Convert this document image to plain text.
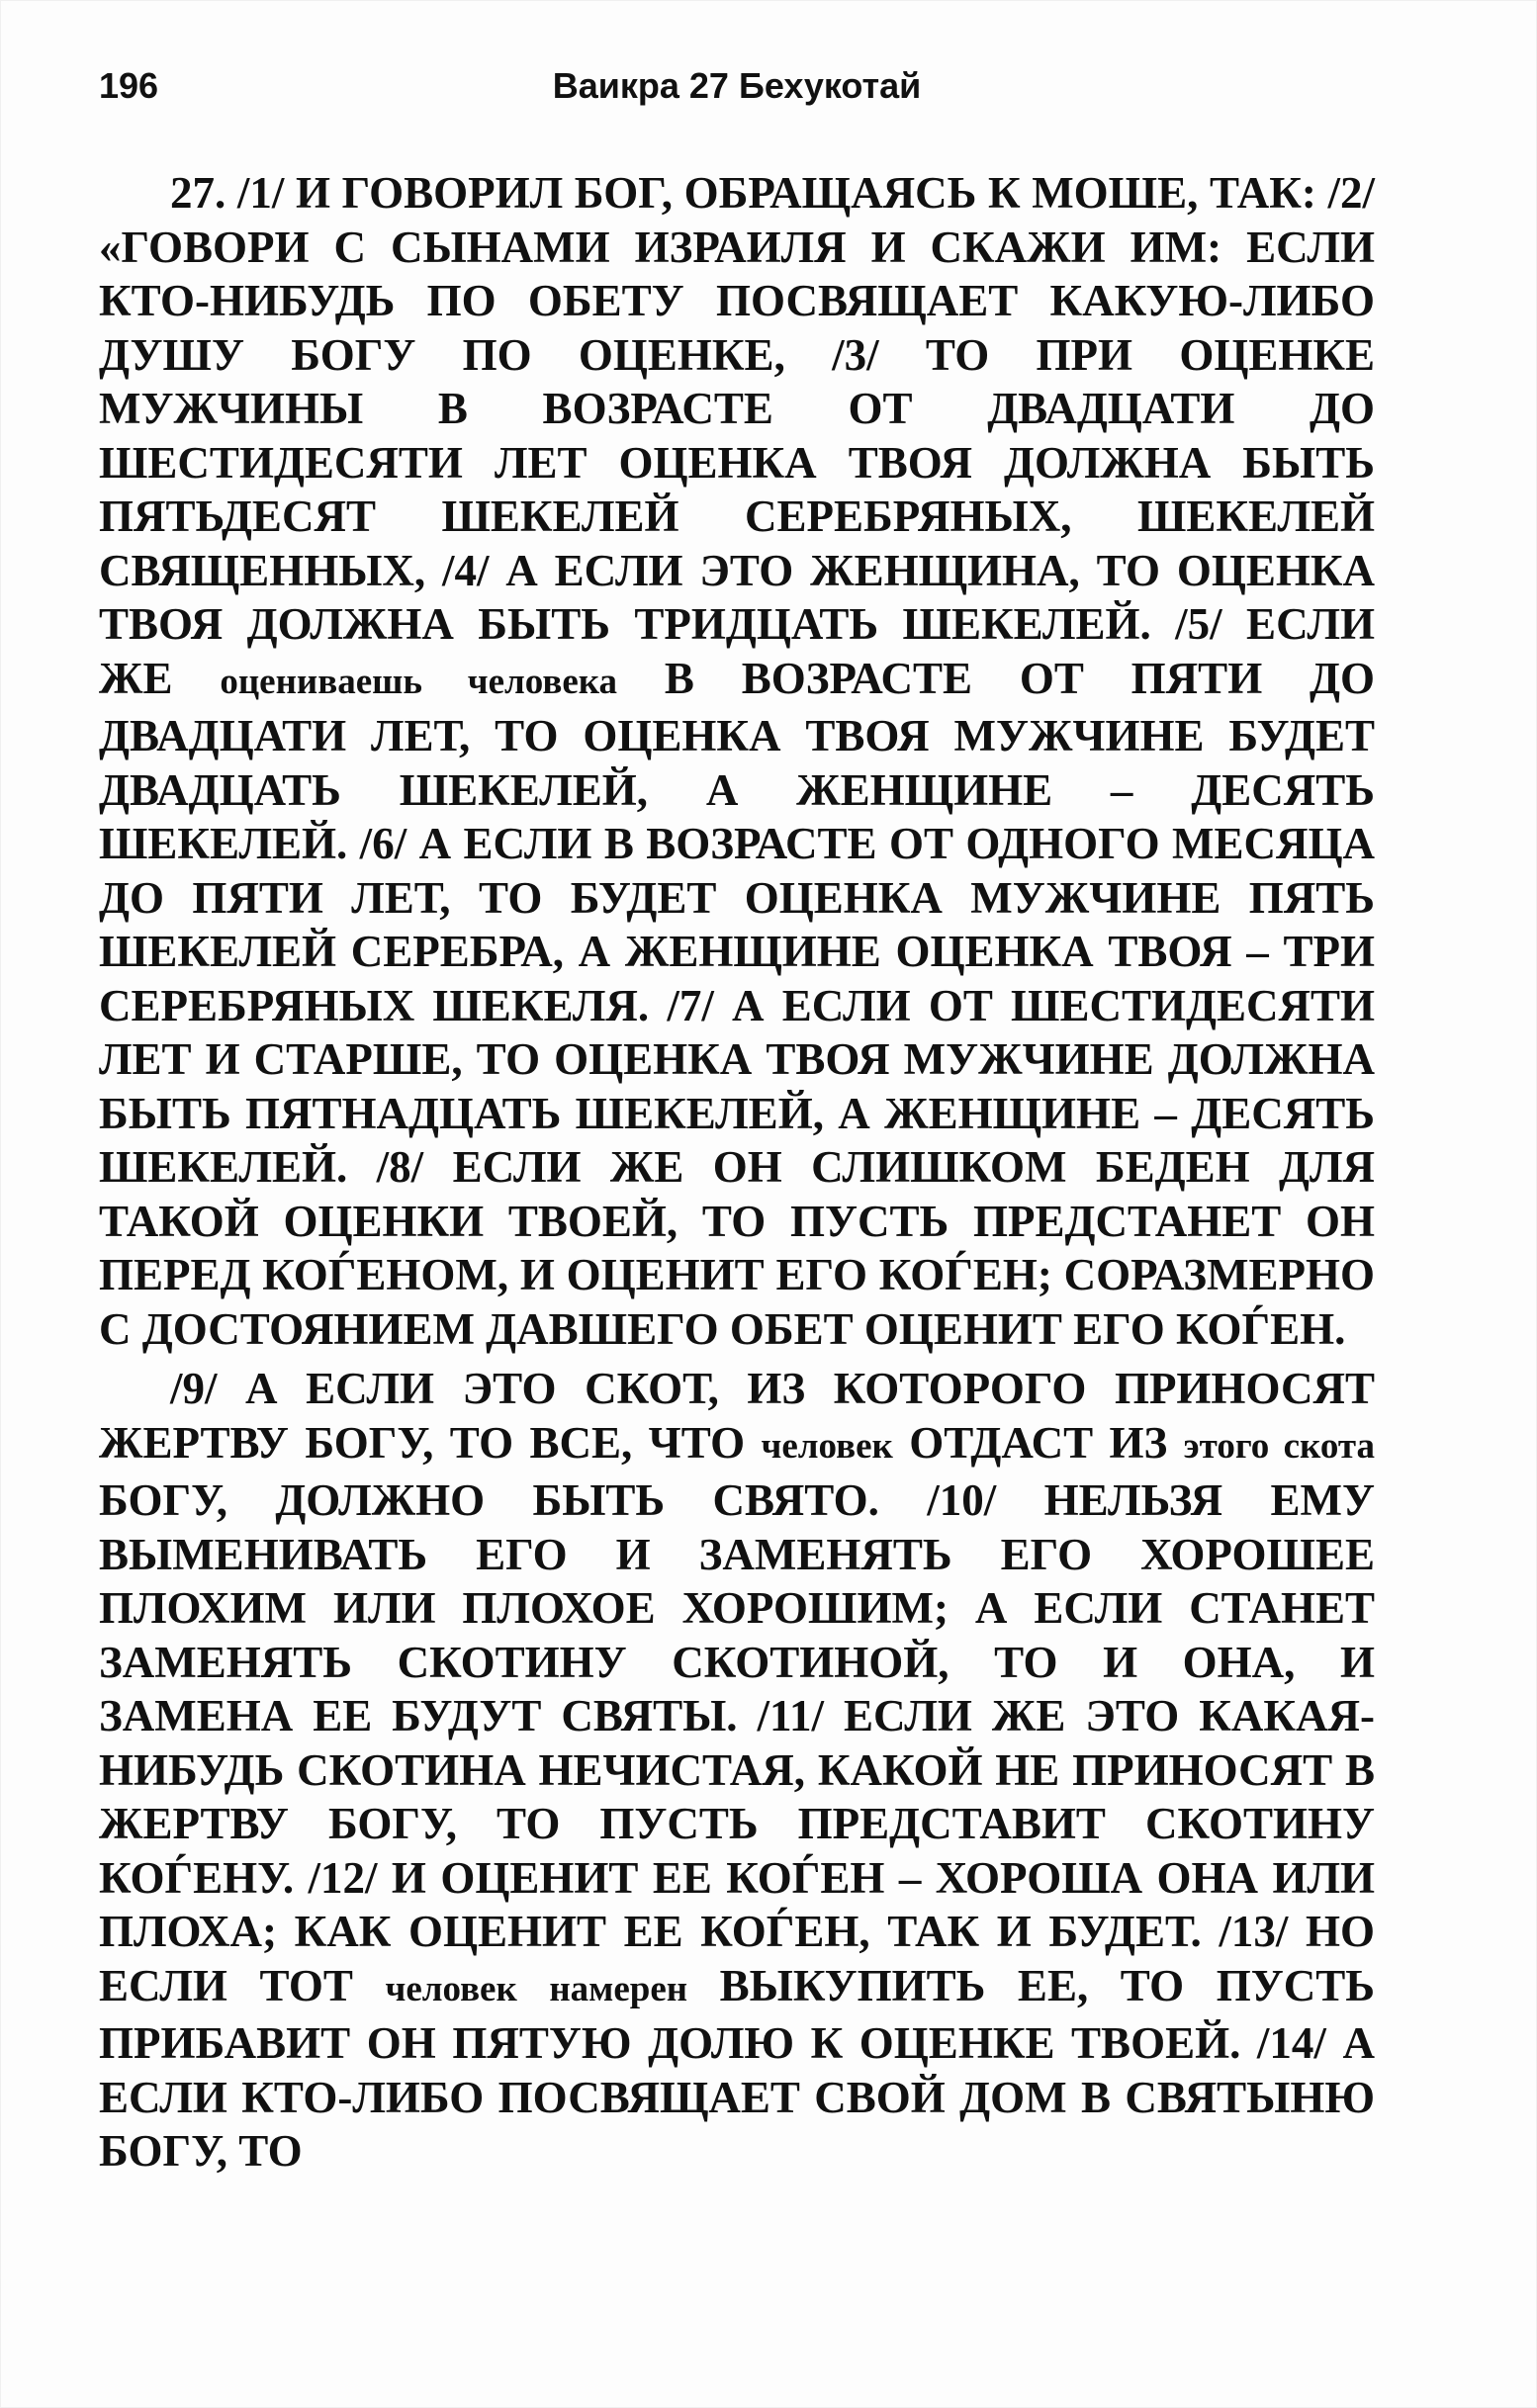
196	Ваикра 27 Бехукотай

27. /1/ И ГОВОРИЛ БОГ, ОБРАЩАЯСЬ К МОШЕ, ТАК: /2/ «ГОВОРИ С СЫНАМИ ИЗРАИЛЯ И СКАЖИ ИМ: ЕСЛИ КТО-НИБУДЬ ПО ОБЕТУ ПОСВЯЩАЕТ КАКУЮ-ЛИБО ДУШУ БОГУ ПО ОЦЕНКЕ, /3/ ТО ПРИ ОЦЕНКЕ МУЖЧИНЫ В ВОЗРАСТЕ ОТ ДВАДЦАТИ ДО ШЕСТИДЕСЯТИ ЛЕТ ОЦЕНКА ТВОЯ ДОЛЖНА БЫТЬ ПЯТЬДЕСЯТ ШЕКЕЛЕЙ СЕРЕБРЯНЫХ, ШЕКЕЛЕЙ СВЯЩЕННЫХ, /4/ А ЕСЛИ ЭТО ЖЕНЩИНА, ТО ОЦЕНКА ТВОЯ ДОЛЖНА БЫТЬ ТРИДЦАТЬ ШЕКЕЛЕЙ. /5/ ЕСЛИ ЖЕ оцениваешь человека В ВОЗРАСТЕ ОТ ПЯТИ ДО ДВАДЦАТИ ЛЕТ, ТО ОЦЕНКА ТВОЯ МУЖЧИНЕ БУДЕТ ДВАДЦАТЬ ШЕКЕЛЕЙ, А ЖЕНЩИНЕ – ДЕСЯТЬ ШЕКЕЛЕЙ. /6/ А ЕСЛИ В ВОЗРАСТЕ ОТ ОДНОГО МЕСЯЦА ДО ПЯТИ ЛЕТ, ТО БУДЕТ ОЦЕНКА МУЖЧИНЕ ПЯТЬ ШЕКЕЛЕЙ СЕРЕБРА, А ЖЕНЩИНЕ ОЦЕНКА ТВОЯ – ТРИ СЕРЕБРЯНЫХ ШЕКЕЛЯ. /7/ А ЕСЛИ ОТ ШЕСТИДЕСЯТИ ЛЕТ И СТАРШЕ, ТО ОЦЕНКА ТВОЯ МУЖЧИНЕ ДОЛЖНА БЫТЬ ПЯТНАДЦАТЬ ШЕКЕЛЕЙ, А ЖЕНЩИНЕ – ДЕСЯТЬ ШЕКЕЛЕЙ. /8/ ЕСЛИ ЖЕ ОН СЛИШКОМ БЕДЕН ДЛЯ ТАКОЙ ОЦЕНКИ ТВОЕЙ, ТО ПУСТЬ ПРЕДСТАНЕТ ОН ПЕРЕД КОЃЕНОМ, И ОЦЕНИТ ЕГО КОЃЕН; СОРАЗМЕРНО С ДОСТОЯНИЕМ ДАВШЕГО ОБЕТ ОЦЕНИТ ЕГО КОЃЕН.

/9/ А ЕСЛИ ЭТО СКОТ, ИЗ КОТОРОГО ПРИНОСЯТ ЖЕРТВУ БОГУ, ТО ВСЕ, ЧТО человек ОТДАСТ ИЗ этого скота БОГУ, ДОЛЖНО БЫТЬ СВЯТО. /10/ НЕЛЬЗЯ ЕМУ ВЫМЕНИВАТЬ ЕГО И ЗАМЕНЯТЬ ЕГО ХОРОШЕЕ ПЛОХИМ ИЛИ ПЛОХОЕ ХОРОШИМ; А ЕСЛИ СТАНЕТ ЗАМЕНЯТЬ СКОТИНУ СКОТИНОЙ, ТО И ОНА, И ЗАМЕНА ЕЕ БУДУТ СВЯТЫ. /11/ ЕСЛИ ЖЕ ЭТО КАКАЯ-НИБУДЬ СКОТИНА НЕЧИСТАЯ, КАКОЙ НЕ ПРИНОСЯТ В ЖЕРТВУ БОГУ, ТО ПУСТЬ ПРЕДСТАВИТ СКОТИНУ КОЃЕНУ. /12/ И ОЦЕНИТ ЕЕ КОЃЕН – ХОРОША ОНА ИЛИ ПЛОХА; КАК ОЦЕНИТ ЕЕ КОЃЕН, ТАК И БУДЕТ. /13/ НО ЕСЛИ ТОТ человек намерен ВЫКУПИТЬ ЕЕ, ТО ПУСТЬ ПРИБАВИТ ОН ПЯТУЮ ДОЛЮ К ОЦЕНКЕ ТВОЕЙ. /14/ А ЕСЛИ КТО-ЛИБО ПОСВЯЩАЕТ СВОЙ ДОМ В СВЯТЫНЮ БОГУ, ТО
